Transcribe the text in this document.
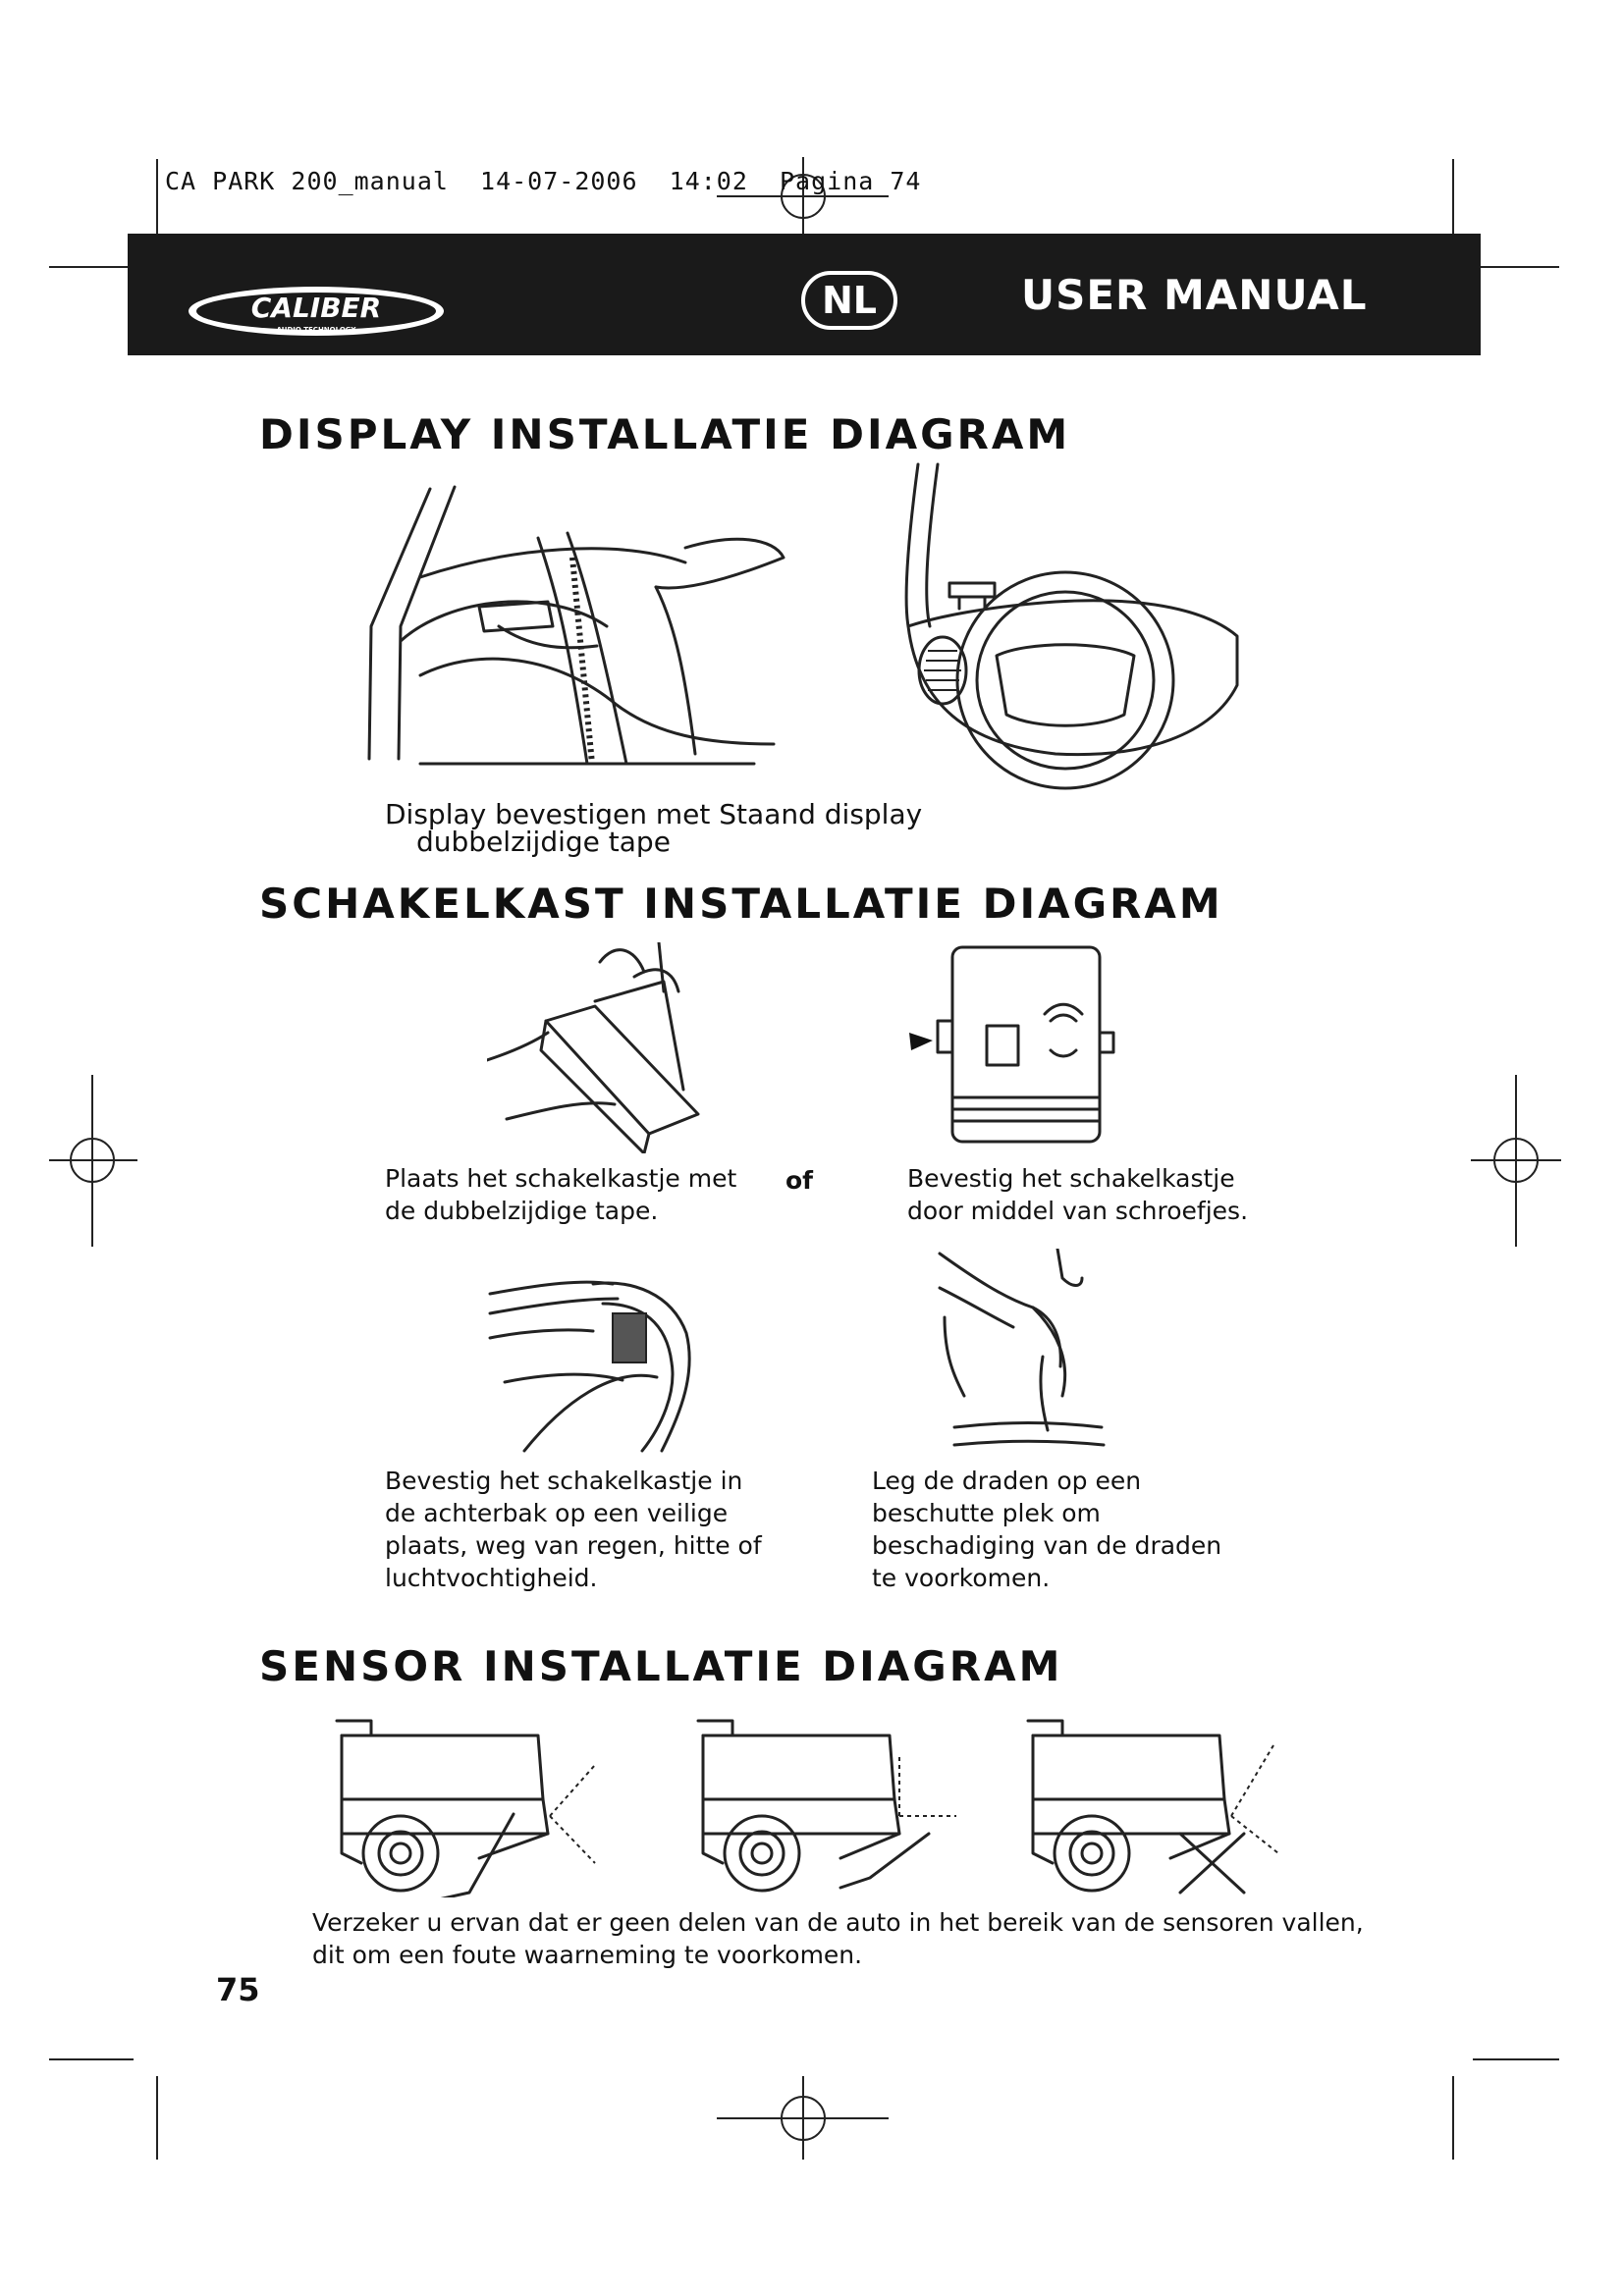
CA PARK 200_manual  14-07-2006  14:02  Pagina 74
CALIBER
AUDIO TECHNOLOGY
NL	USER MANUAL
DISPLAY INSTALLATIE DIAGRAM
Display bevestigen met Staand display
dubbelzijdige tape
SCHAKELKAST INSTALLATIE DIAGRAM
Plaats het schakelkastje met
de dubbelzijdige tape.
of	Bevestig het schakelkastje
door middel van schroefjes.
Bevestig het schakelkastje in
de achterbak op een veilige
plaats, weg van regen, hitte of
luchtvochtigheid.
Leg de draden op een
beschutte plek om
beschadiging van de draden
te voorkomen.
SENSOR INSTALLATIE DIAGRAM
Verzeker u ervan dat er geen delen van de auto in het bereik van de sensoren vallen,
dit om een foute waarneming te voorkomen.
75
